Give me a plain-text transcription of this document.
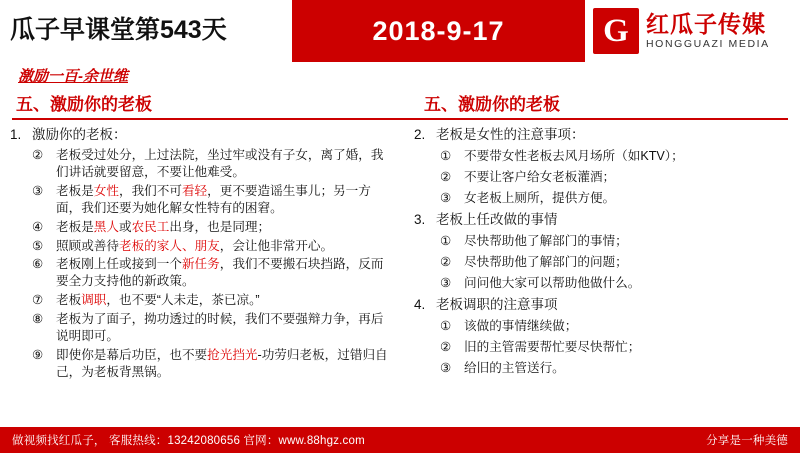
瓜子早课堂第543天	2018-9-17	G 红瓜子传媒
HONGGUAZI MEDIA
激励一百-余世维
五、激励你的老板	五、激励你的老板
1. 激励你的老板：
②	老板受过处分，上过法院，坐过牢或没有子女，离了婚，我们讲话就要留意，不要让他难受。
③	老板是女性，我们不可看轻，更不要造谣生事儿；另一方面，我们还要为她化解女性特有的困窘。
④	老板是黑人或农民工出身，也是同理；
⑤	照顾或善待老板的家人、朋友，会让他非常开心。
⑥	老板刚上任或接到一个新任务，我们不要搬石块挡路，反而要全力支持他的新政策。
⑦	老板调职，也不要“人未走，茶已凉。”
⑧	老板为了面子，拗功透过的时候，我们不要强辩力争，再后说明即可。
⑨	即使你是幕后功臣，也不要抢光挡光-功劳归老板，过错归自己，为老板背黑锅。
2. 老板是女性的注意事项：
①	不要带女性老板去风月场所（如KTV）；
②	不要让客户给女老板灌酒；
③	女老板上厕所，提供方便。
3. 老板上任改做的事情
①	尽快帮助他了解部门的事情；
②	尽快帮助他了解部门的问题；
③	问问他大家可以帮助他做什么。
4. 老板调职的注意事项
①	该做的事情继续做；
②	旧的主管需要帮忙要尽快帮忙；
③	给旧的主管送行。
做视频找红瓜子， 客服热线：13242080656 官网：www.88hgz.com	分享是一种美德
